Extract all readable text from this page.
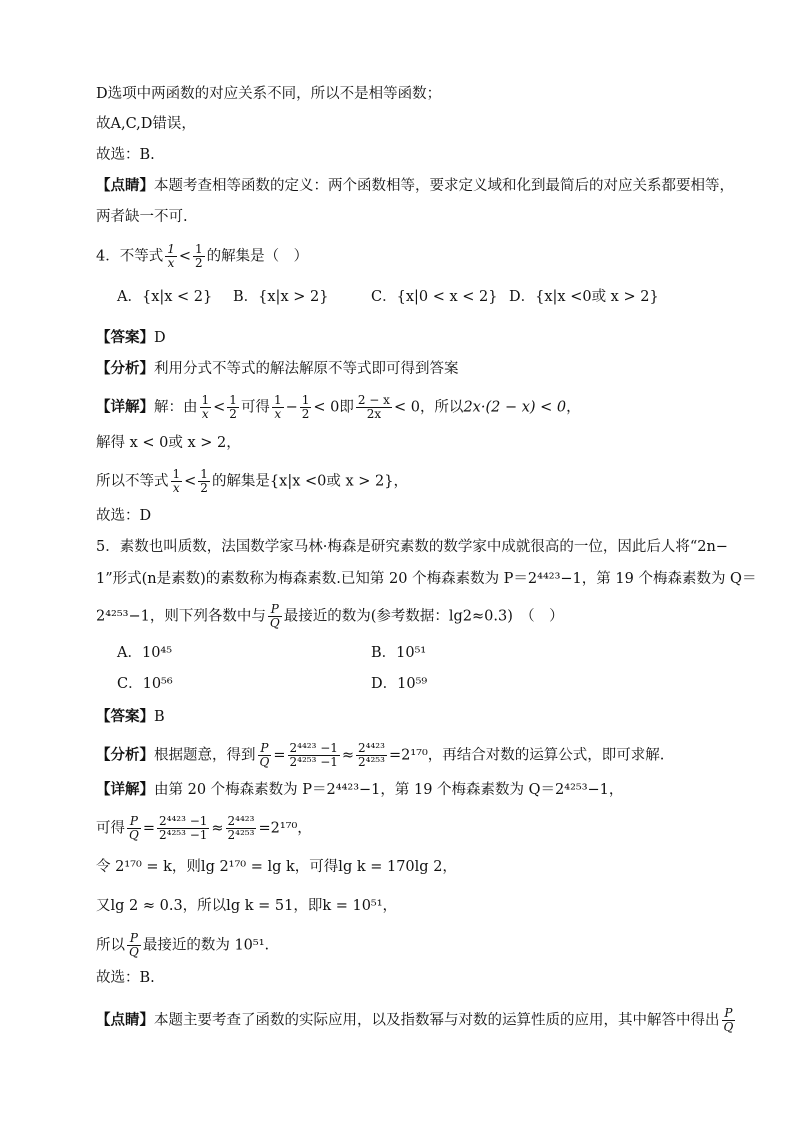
D选项中两函数的对应关系不同，所以不是相等函数；
故A,C,D错误，
故选：B.
【点睛】本题考查相等函数的定义：两个函数相等，要求定义域和化到最简后的对应关系都要相等，
两者缺一不可.
4．不等式 $\frac{1}{x} < \frac{1}{2}$ 的解集是（　）
A．{x|x < 2} B．{x|x > 2}	C．{x|0 < x < 2} D．{x|x <0或 x > 2}
【答案】D
【分析】利用分式不等式的解法解原不等式即可得到答案
【详解】解：由 $\frac{1}{x} < \frac{1}{2}$ 可得 $\frac{1}{x} - \frac{1}{2} < 0$即 $\frac{2 - x}{2x} < 0$，所以2x·(2 − x) < 0，
解得 x < 0或 x > 2，
所以不等式 $\frac{1}{x} < \frac{1}{2}$ 的解集是{x|x <0或 x > 2}，
故选：D
5．素数也叫质数，法国数学家马林·梅森是研究素数的数学家中成就很高的一位，因此后人将“2n−
1”形式(n是素数)的素数称为梅森素数.已知第 20 个梅森素数为 P＝2⁴⁴²³−1，第 19 个梅森素数为 Q＝
2⁴²⁵³−1，则下列各数中与 $\frac{P}{Q}$ 最接近的数为(参考数据：lg2≈0.3)　（　）
A．10⁴⁵	B．10⁵¹
C．10⁵⁶	D．10⁵⁹
【答案】B
【分析】根据题意，得到 $\frac{P}{Q} = \frac{\text{2⁴⁴²³ −1}}{\text{2⁴²⁵³ −1}} \approx \frac{\text{2⁴⁴²³}}{\text{2⁴²⁵³}} =2^{170}$，再结合对数的运算公式，即可求解.
【详解】由第 20 个梅森素数为 P＝2⁴⁴²³−1，第 19 个梅森素数为 Q＝2⁴²⁵³−1，
可得 $\frac{P}{Q} = \frac{\text{2⁴⁴²³ −1}}{\text{2⁴²⁵³ −1}} \approx \frac{\text{2⁴⁴²³}}{\text{2⁴²⁵³}} =2^{170}$，
令 2¹⁷⁰ = k，则lg 2¹⁷⁰ = lg k，可得lg k = 170lg 2，
又lg 2 ≈ 0.3，所以lg k = 51，即k = 10⁵¹，
所以 $\frac{P}{Q}$ 最接近的数为 10⁵¹.
故选：B.
【点睛】本题主要考查了函数的实际应用，以及指数幂与对数的运算性质的应用，其中解答中得出 $\frac{P}{Q}$
